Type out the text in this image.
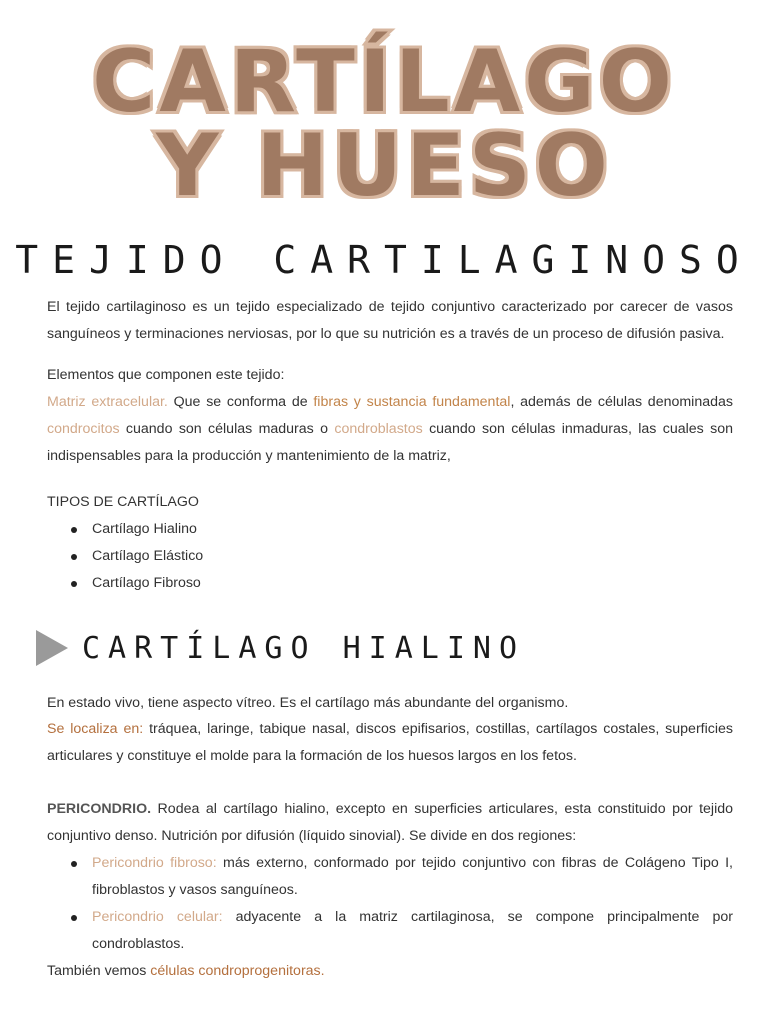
CARTÍLAGO
Y HUESO
TEJIDO CARTILAGINOSO
El tejido cartilaginoso es un tejido especializado de tejido conjuntivo caracterizado por carecer de vasos sanguíneos y terminaciones nerviosas, por lo que su nutrición es a través de un proceso de difusión pasiva.
Elementos que componen este tejido:
Matriz extracelular. Que se conforma de fibras y sustancia fundamental, además de células denominadas condrocitos cuando son células maduras o condroblastos cuando son células inmaduras, las cuales son indispensables para la producción y mantenimiento de la matriz,
TIPOS DE CARTÍLAGO
Cartílago Hialino
Cartílago Elástico
Cartílago Fibroso
CARTÍLAGO HIALINO
En estado vivo, tiene aspecto vítreo. Es el cartílago más abundante del organismo.
Se localiza en: tráquea, laringe, tabique nasal, discos epifisarios, costillas, cartílagos costales, superficies articulares y constituye el molde para la formación de los huesos largos en los fetos.
PERICONDRIO. Rodea al cartílago hialino, excepto en superficies articulares, esta constituido por tejido conjuntivo denso. Nutrición por difusión (líquido sinovial). Se divide en dos regiones:
Pericondrio fibroso: más externo, conformado por tejido conjuntivo con fibras de Colágeno Tipo I, fibroblastos y vasos sanguíneos.
Pericondrio celular: adyacente a la matriz cartilaginosa, se compone principalmente por condroblastos.
También vemos células condroprogenitoras.
